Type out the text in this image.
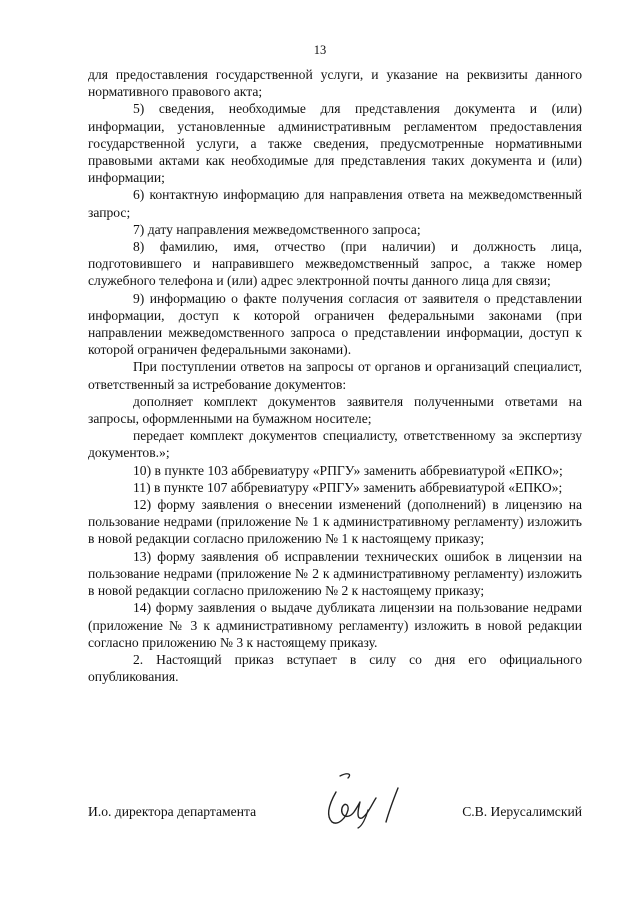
13

для предоставления государственной услуги, и указание на реквизиты данного нормативного правового акта;

5) сведения, необходимые для представления документа и (или) информации, установленные административным регламентом предоставления государственной услуги, а также сведения, предусмотренные нормативными правовыми актами как необходимые для представления таких документа и (или) информации;

6) контактную информацию для направления ответа на межведомственный запрос;

7) дату направления межведомственного запроса;

8) фамилию, имя, отчество (при наличии) и должность лица, подготовившего и направившего межведомственный запрос, а также номер служебного телефона и (или) адрес электронной почты данного лица для связи;

9) информацию о факте получения согласия от заявителя о представлении информации, доступ к которой ограничен федеральными законами (при направлении межведомственного запроса о представлении информации, доступ к которой ограничен федеральными законами).

При поступлении ответов на запросы от органов и организаций специалист, ответственный за истребование документов:

дополняет комплект документов заявителя полученными ответами на запросы, оформленными на бумажном носителе;

передает комплект документов специалисту, ответственному за экспертизу документов.»;

10) в пункте 103 аббревиатуру «РПГУ» заменить аббревиатурой «ЕПКО»;

11) в пункте 107 аббревиатуру «РПГУ» заменить аббревиатурой «ЕПКО»;

12) форму заявления о внесении изменений (дополнений) в лицензию на пользование недрами (приложение № 1 к административному регламенту) изложить в новой редакции согласно приложению № 1 к настоящему приказу;

13) форму заявления об исправлении технических ошибок в лицензии на пользование недрами (приложение № 2 к административному регламенту) изложить в новой редакции согласно приложению № 2 к настоящему приказу;

14) форму заявления о выдаче дубликата лицензии на пользование недрами (приложение № 3 к административному регламенту) изложить в новой редакции согласно приложению № 3 к настоящему приказу.

2. Настоящий приказ вступает в силу со дня его официального опубликования.

И.о. директора департамента	С.В. Иерусалимский
